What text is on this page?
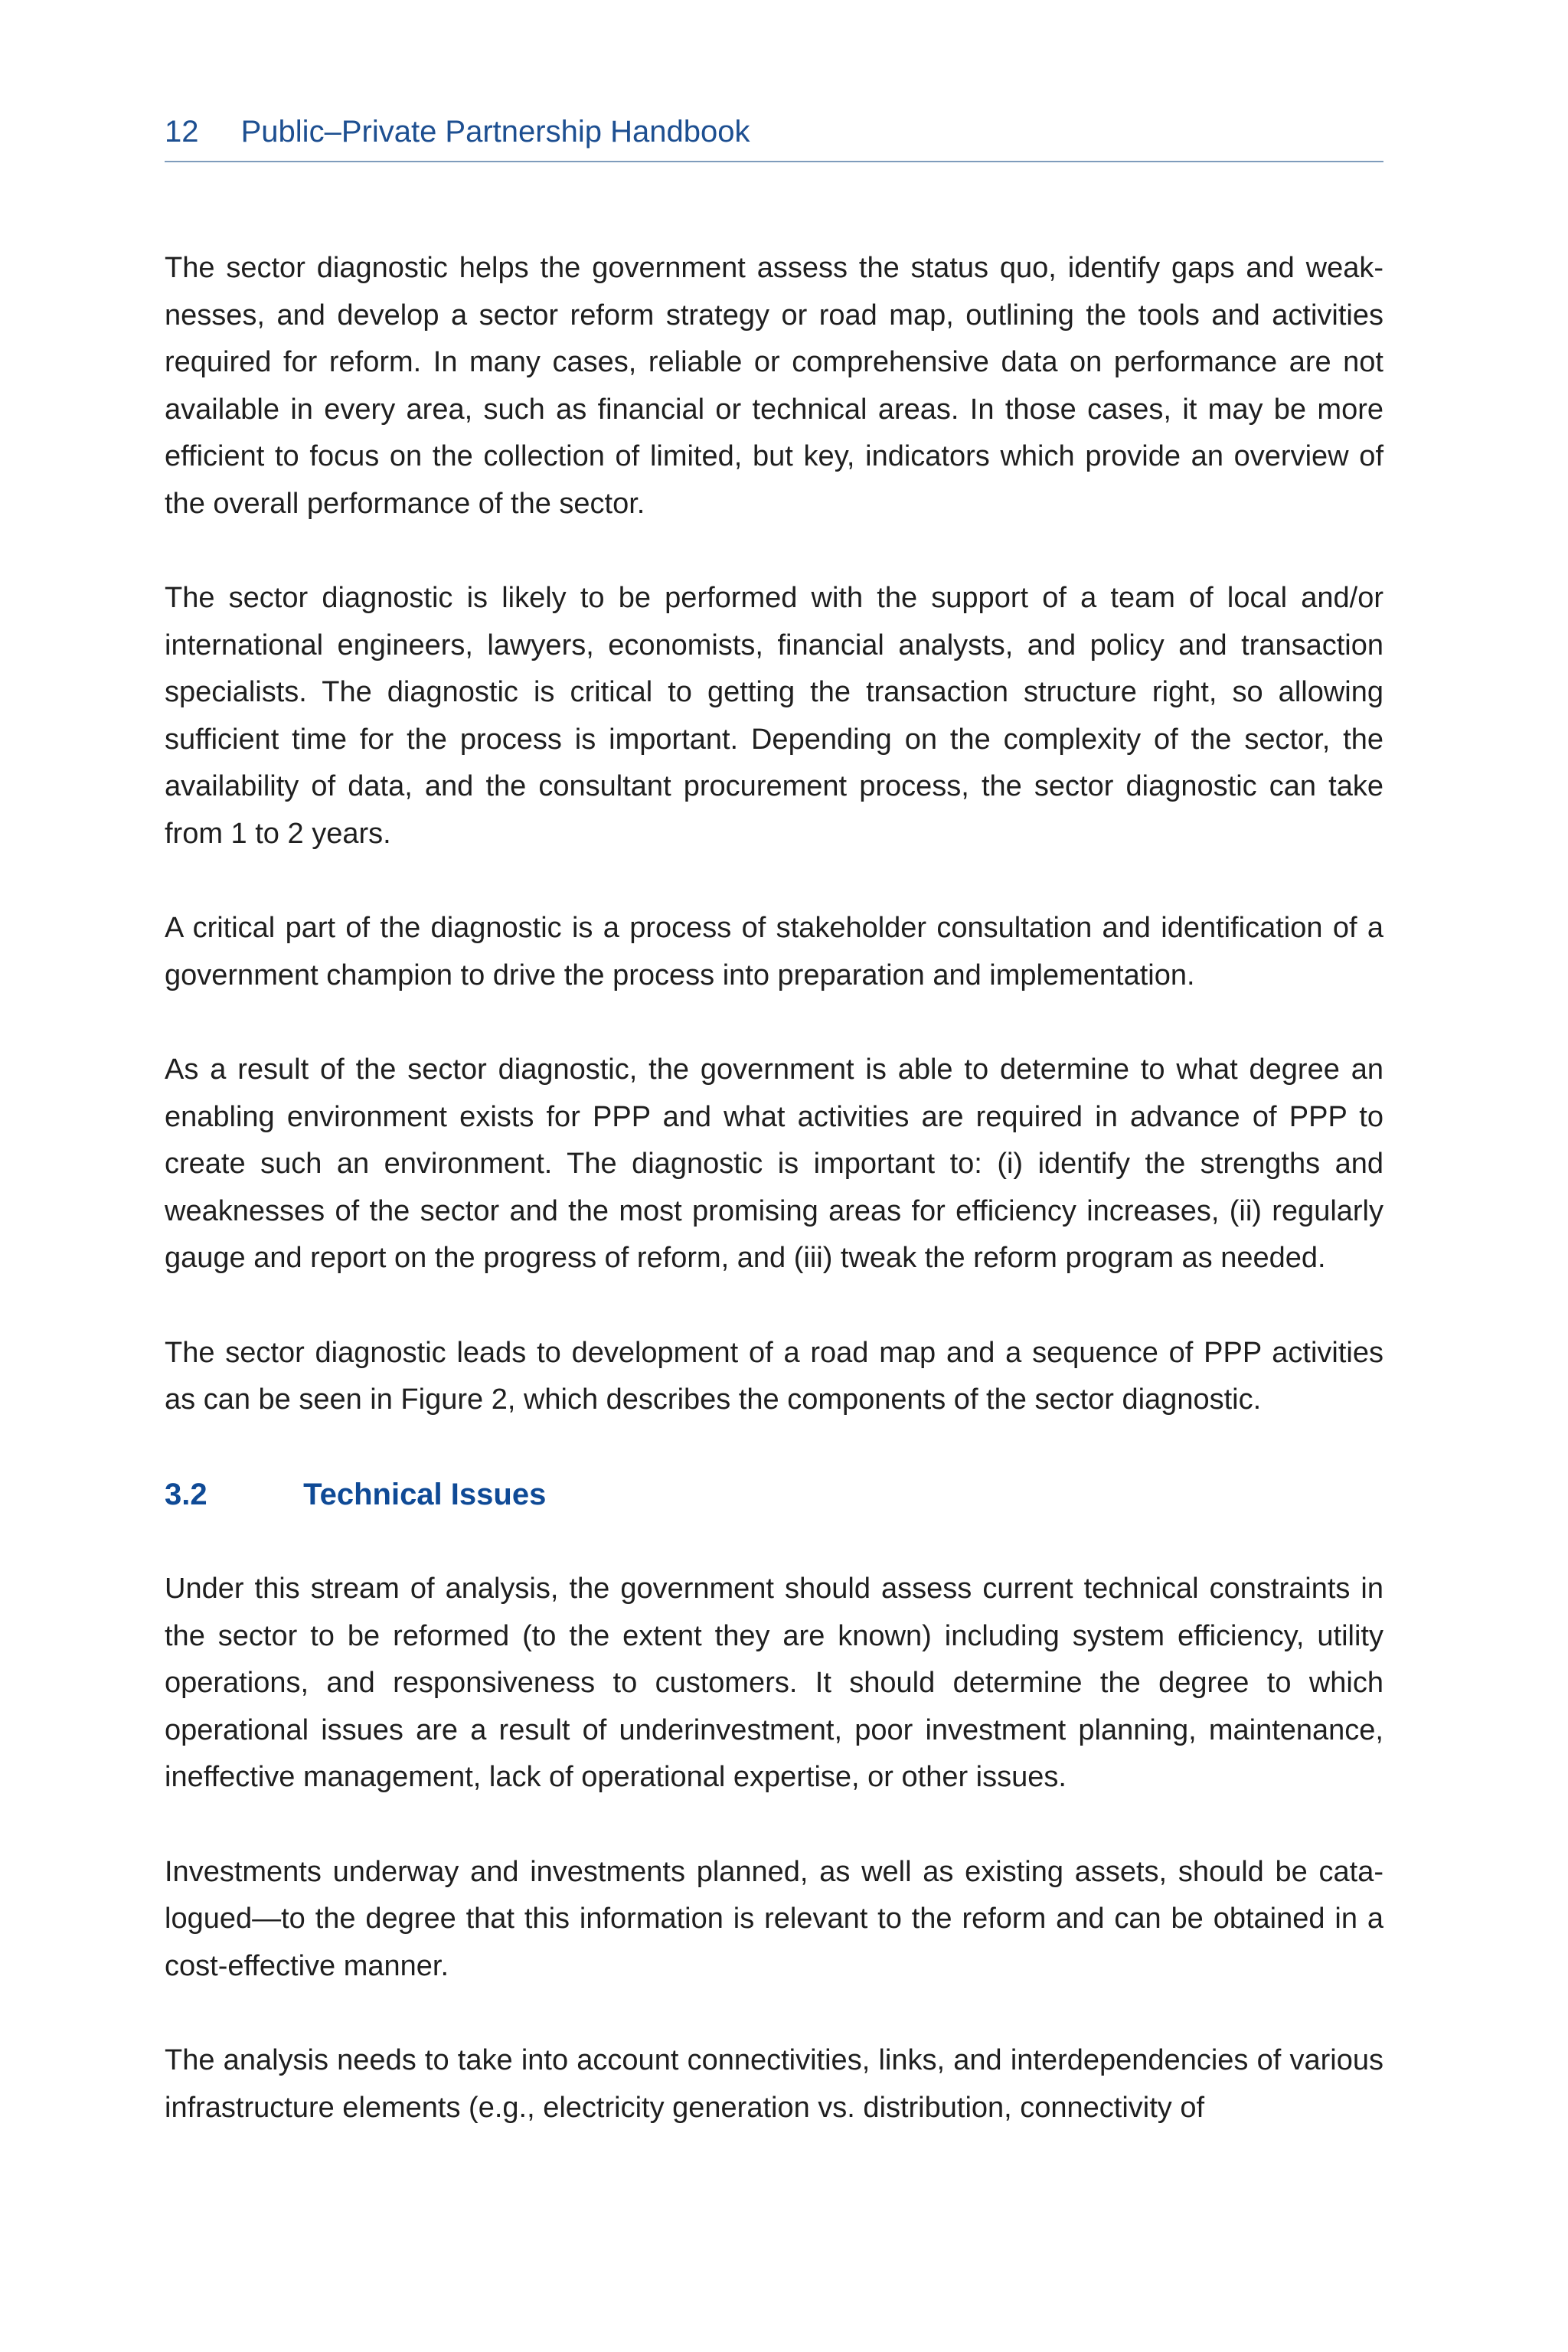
12 Public–Private Partnership Handbook

The sector diagnostic helps the government assess the status quo, identify gaps and weaknesses, and develop a sector reform strategy or road map, outlining the tools and activities required for reform. In many cases, reliable or comprehensive data on performance are not available in every area, such as financial or technical areas. In those cases, it may be more efficient to focus on the collection of limited, but key, indicators which provide an overview of the overall performance of the sector.

The sector diagnostic is likely to be performed with the support of a team of local and/or international engineers, lawyers, economists, financial analysts, and policy and transaction specialists. The diagnostic is critical to getting the transaction structure right, so allowing sufficient time for the process is important. Depending on the complexity of the sector, the availability of data, and the consultant procurement process, the sector diagnostic can take from 1 to 2 years.

A critical part of the diagnostic is a process of stakeholder consultation and identification of a government champion to drive the process into preparation and implementation.

As a result of the sector diagnostic, the government is able to determine to what degree an enabling environment exists for PPP and what activities are required in advance of PPP to create such an environment. The diagnostic is important to: (i) identify the strengths and weaknesses of the sector and the most promising areas for efficiency increases, (ii) regularly gauge and report on the progress of reform, and (iii) tweak the reform program as needed.

The sector diagnostic leads to development of a road map and a sequence of PPP activities as can be seen in Figure 2, which describes the components of the sector diagnostic.

3.2	Technical Issues

Under this stream of analysis, the government should assess current technical constraints in the sector to be reformed (to the extent they are known) including system efficiency, utility operations, and responsiveness to customers. It should determine the degree to which operational issues are a result of underinvestment, poor investment planning, maintenance, ineffective management, lack of operational expertise, or other issues.

Investments underway and investments planned, as well as existing assets, should be catalogued—to the degree that this information is relevant to the reform and can be obtained in a cost-effective manner.

The analysis needs to take into account connectivities, links, and interdependencies of various infrastructure elements (e.g., electricity generation vs. distribution, connectivity of
